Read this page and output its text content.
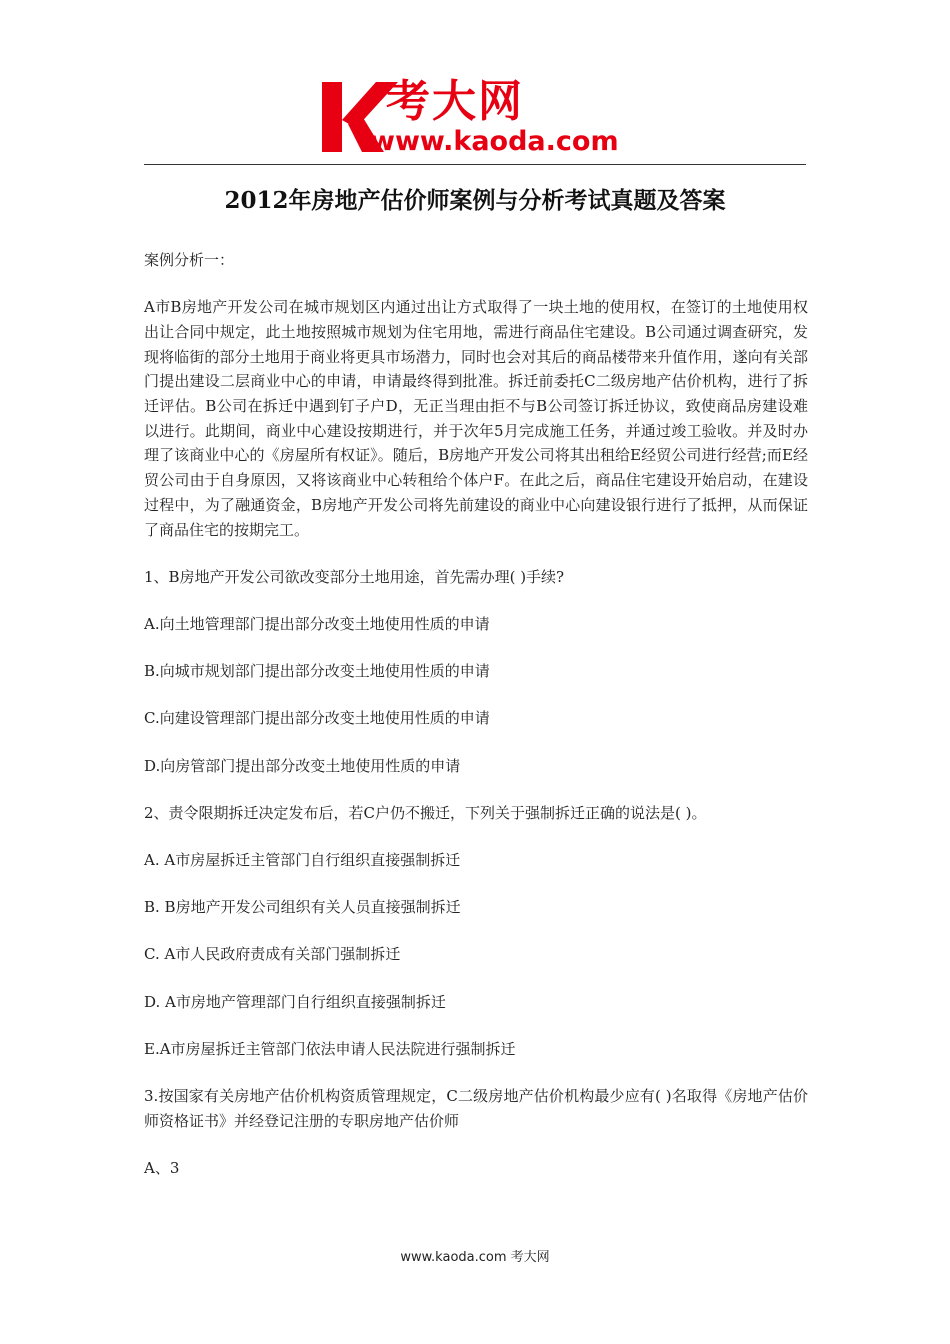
考大网
www.kaoda.com
2012年房地产估价师案例与分析考试真题及答案

案例分析一：

A市B房地产开发公司在城市规划区内通过出让方式取得了一块土地的使用权，在签订的土地使用权出让合同中规定，此土地按照城市规划为住宅用地，需进行商品住宅建设。B公司通过调查研究，发现将临街的部分土地用于商业将更具市场潜力，同时也会对其后的商品楼带来升值作用，遂向有关部门提出建设二层商业中心的申请，申请最终得到批准。拆迁前委托C二级房地产估价机构，进行了拆迁评估。B公司在拆迁中遇到钉子户D，无正当理由拒不与B公司签订拆迁协议，致使商品房建设难以进行。此期间，商业中心建设按期进行，并于次年5月完成施工任务，并通过竣工验收。并及时办理了该商业中心的《房屋所有权证》。随后，B房地产开发公司将其出租给E经贸公司进行经营;而E经贸公司由于自身原因，又将该商业中心转租给个体户F。在此之后，商品住宅建设开始启动，在建设过程中，为了融通资金，B房地产开发公司将先前建设的商业中心向建设银行进行了抵押，从而保证了商品住宅的按期完工。

1、B房地产开发公司欲改变部分土地用途，首先需办理( )手续?

A.向土地管理部门提出部分改变土地使用性质的申请

B.向城市规划部门提出部分改变土地使用性质的申请

C.向建设管理部门提出部分改变土地使用性质的申请

D.向房管部门提出部分改变土地使用性质的申请

2、责令限期拆迁决定发布后，若C户仍不搬迁，下列关于强制拆迁正确的说法是( )。

A. A市房屋拆迁主管部门自行组织直接强制拆迁

B. B房地产开发公司组织有关人员直接强制拆迁

C. A市人民政府责成有关部门强制拆迁

D. A市房地产管理部门自行组织直接强制拆迁

E.A市房屋拆迁主管部门依法申请人民法院进行强制拆迁

3.按国家有关房地产估价机构资质管理规定，C二级房地产估价机构最少应有( )名取得《房地产估价师资格证书》并经登记注册的专职房地产估价师

A、3

www.kaoda.com 考大网
